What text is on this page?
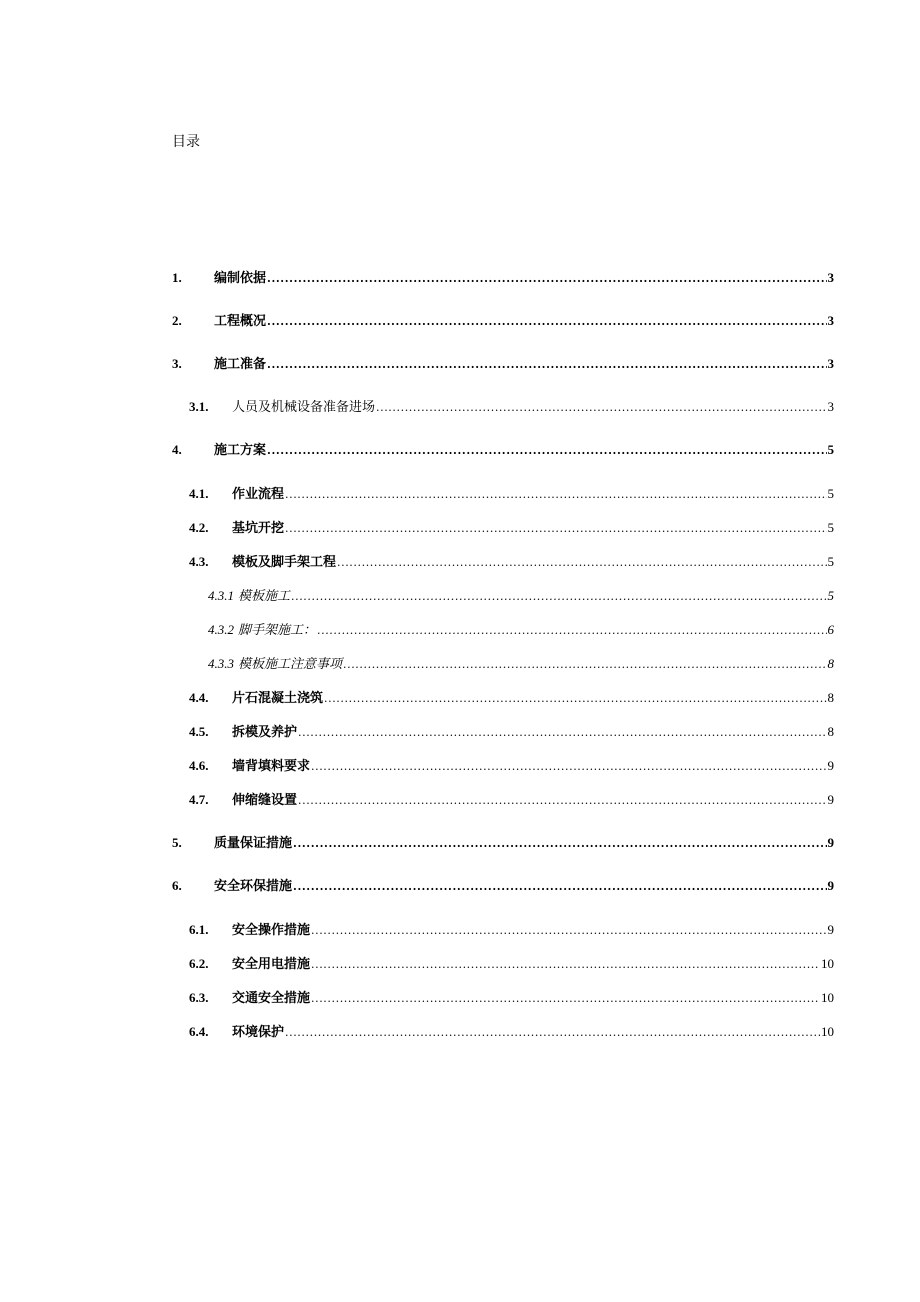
目录
1.	编制依据 .....	3
2.	工程概况 .....	3
3.	施工准备 .....	3
3.1.	人员及机械设备准备进场 .....	3
4.	施工方案 .....	5
4.1.	作业流程 .....	5
4.2.	基坑开挖 .....	5
4.3.	模板及脚手架工程 .....	5
4.3.1 模板施工 .....	5
4.3.2 脚手架施工： .....	6
4.3.3 模板施工注意事项 .....	8
4.4.	片石混凝土浇筑 .....	8
4.5.	拆模及养护 .....	8
4.6.	墙背填料要求 .....	9
4.7.	伸缩缝设置 .....	9
5.	质量保证措施 .....	9
6.	安全环保措施 .....	9
6.1.	安全操作措施 .....	9
6.2.	安全用电措施 .....	10
6.3.	交通安全措施 .....	10
6.4.	环境保护 .....	10
